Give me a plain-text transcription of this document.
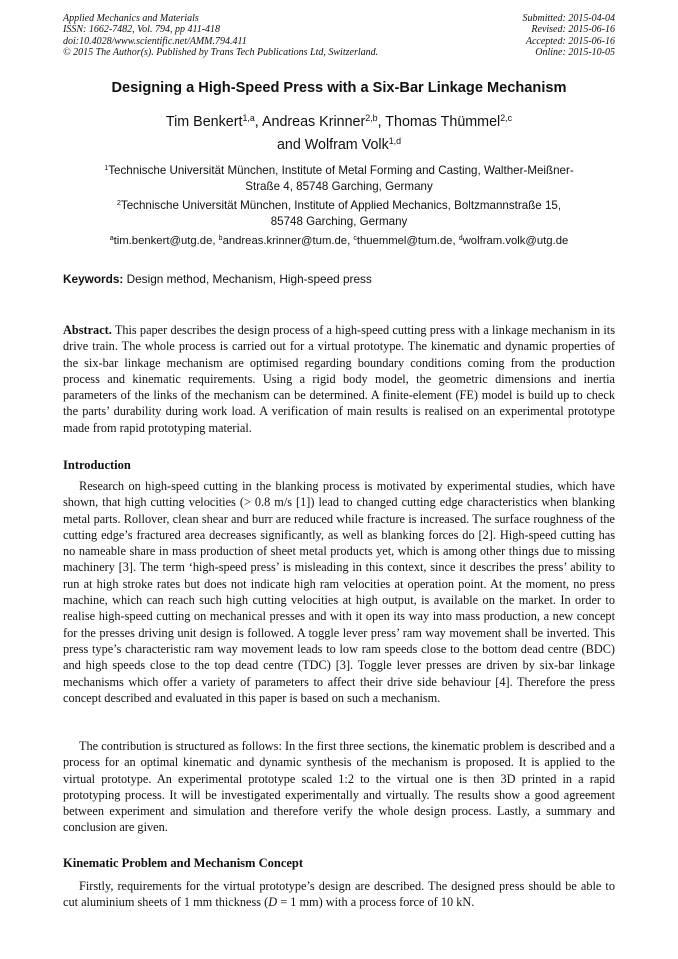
Applied Mechanics and Materials
ISSN: 1662-7482, Vol. 794, pp 411-418
doi:10.4028/www.scientific.net/AMM.794.411
© 2015 The Author(s). Published by Trans Tech Publications Ltd, Switzerland.
Submitted: 2015-04-04
Revised: 2015-06-16
Accepted: 2015-06-16
Online: 2015-10-05
Designing a High-Speed Press with a Six-Bar Linkage Mechanism
Tim Benkert$^{1,a}$, Andreas Krinner$^{2,b}$, Thomas Thümmel$^{2,c}$
and Wolfram Volk$^{1,d}$
$^1$Technische Universität München, Institute of Metal Forming and Casting, Walther-Meißner-Straße 4, 85748 Garching, Germany
$^2$Technische Universität München, Institute of Applied Mechanics, Boltzmannstraße 15, 85748 Garching, Germany
$^a$tim.benkert@utg.de, $^b$andreas.krinner@tum.de, $^c$thuemmel@tum.de, $^d$wolfram.volk@utg.de
Keywords: Design method, Mechanism, High-speed press
Abstract. This paper describes the design process of a high-speed cutting press with a linkage mechanism in its drive train. The whole process is carried out for a virtual prototype. The kinematic and dynamic properties of the six-bar linkage mechanism are optimised regarding boundary conditions coming from the production process and kinematic requirements. Using a rigid body model, the geometric dimensions and inertia parameters of the links of the mechanism can be determined. A finite-element (FE) model is build up to check the parts’ durability during work load. A verification of main results is realised on an experimental prototype made from rapid prototyping material.
Introduction
Research on high-speed cutting in the blanking process is motivated by experimental studies, which have shown, that high cutting velocities (> 0.8 m/s [1]) lead to changed cutting edge characteristics when blanking metal parts. Rollover, clean shear and burr are reduced while fracture is increased. The surface roughness of the cutting edge’s fractured area decreases significantly, as well as blanking forces do [2]. High-speed cutting has no nameable share in mass production of sheet metal products yet, which is among other things due to missing machinery [3]. The term ‘high-speed press’ is misleading in this context, since it describes the press’ ability to run at high stroke rates but does not indicate high ram velocities at operation point. At the moment, no press machine, which can reach such high cutting velocities at high output, is available on the market. In order to realise high-speed cutting on mechanical presses and with it open its way into mass production, a new concept for the presses driving unit design is followed. A toggle lever press’ ram way movement shall be inverted. This press type’s characteristic ram way movement leads to low ram speeds close to the bottom dead centre (BDC) and high speeds close to the top dead centre (TDC) [3]. Toggle lever presses are driven by six-bar linkage mechanisms which offer a variety of parameters to affect their drive side behaviour [4]. Therefore the press concept described and evaluated in this paper is based on such a mechanism.
The contribution is structured as follows: In the first three sections, the kinematic problem is described and a process for an optimal kinematic and dynamic synthesis of the mechanism is proposed. It is applied to the virtual prototype. An experimental prototype scaled 1:2 to the virtual one is then 3D printed in a rapid prototyping process. It will be investigated experimentally and virtually. The results show a good agreement between experiment and simulation and therefore verify the whole design process. Lastly, a summary and conclusion are given.
Kinematic Problem and Mechanism Concept
Firstly, requirements for the virtual prototype’s design are described. The designed press should be able to cut aluminium sheets of 1 mm thickness (D = 1 mm) with a process force of 10 kN.
